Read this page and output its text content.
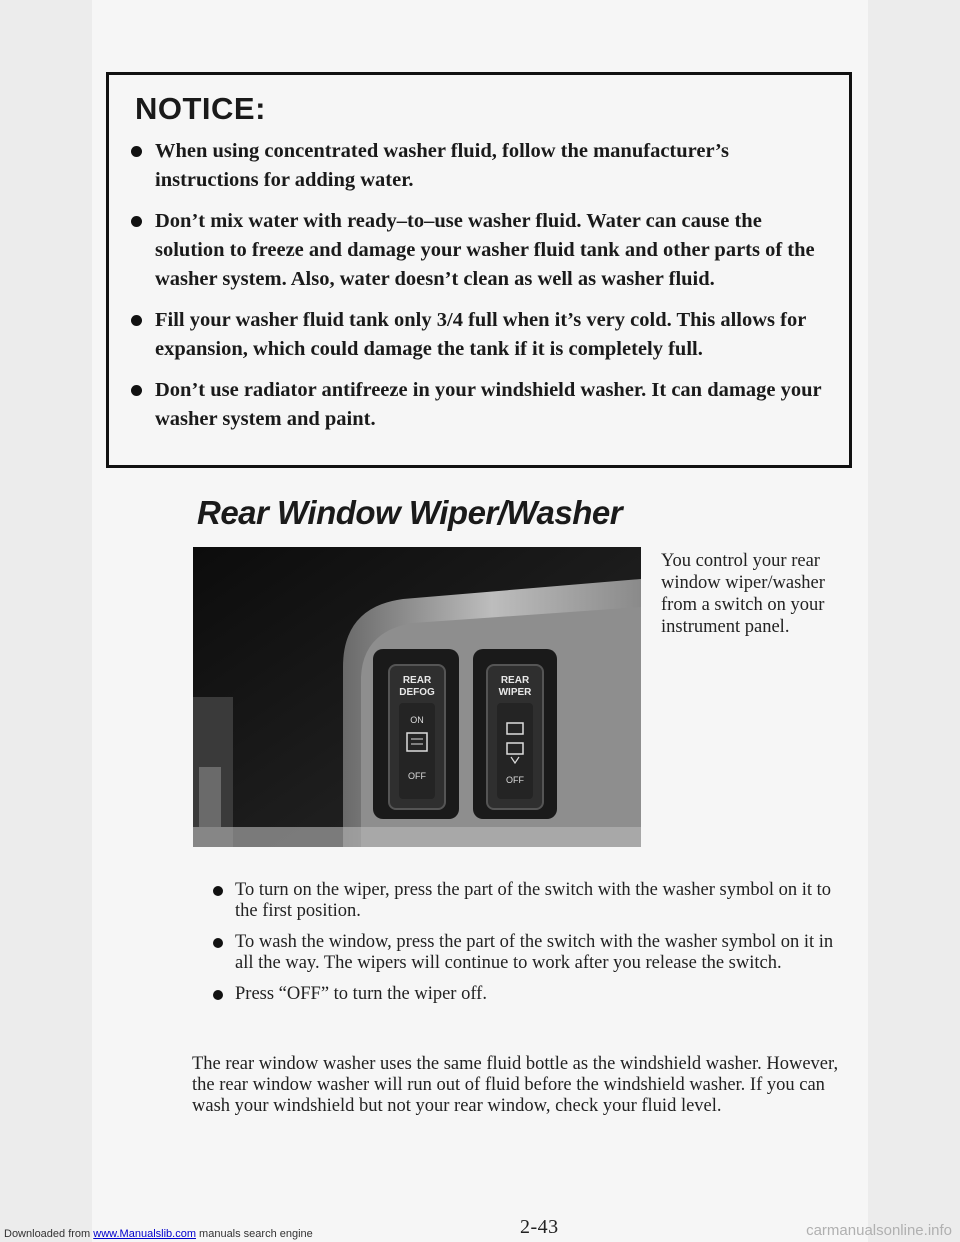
NOTICE:
When using concentrated washer fluid, follow the manufacturer’s instructions for adding water.
Don’t mix water with ready–to–use washer fluid. Water can cause the solution to freeze and damage your washer fluid tank and other parts of the washer system. Also, water doesn’t clean as well as washer fluid.
Fill your washer fluid tank only 3/4 full when it’s very cold. This allows for expansion, which could damage the tank if it is completely full.
Don’t use radiator antifreeze in your windshield washer. It can damage your washer system and paint.
Rear Window Wiper/Washer
REAR
DEFOG
REAR
WIPER
ON
OFF	OFF
You control your rear window wiper/washer from a switch on your instrument panel.
To turn on the wiper, press the part of the switch with the washer symbol on it to the first position.
To wash the window, press the part of the switch with the washer symbol on it in all the way. The wipers will continue to work after you release the switch.
Press “OFF” to turn the wiper off.

The rear window washer uses the same fluid bottle as the windshield washer. However, the rear window washer will run out of fluid before the windshield washer. If you can wash your windshield but not your rear window, check your fluid level.

2-43
Downloaded from www.Manualslib.com manuals search engine	carmanualsonline.info
